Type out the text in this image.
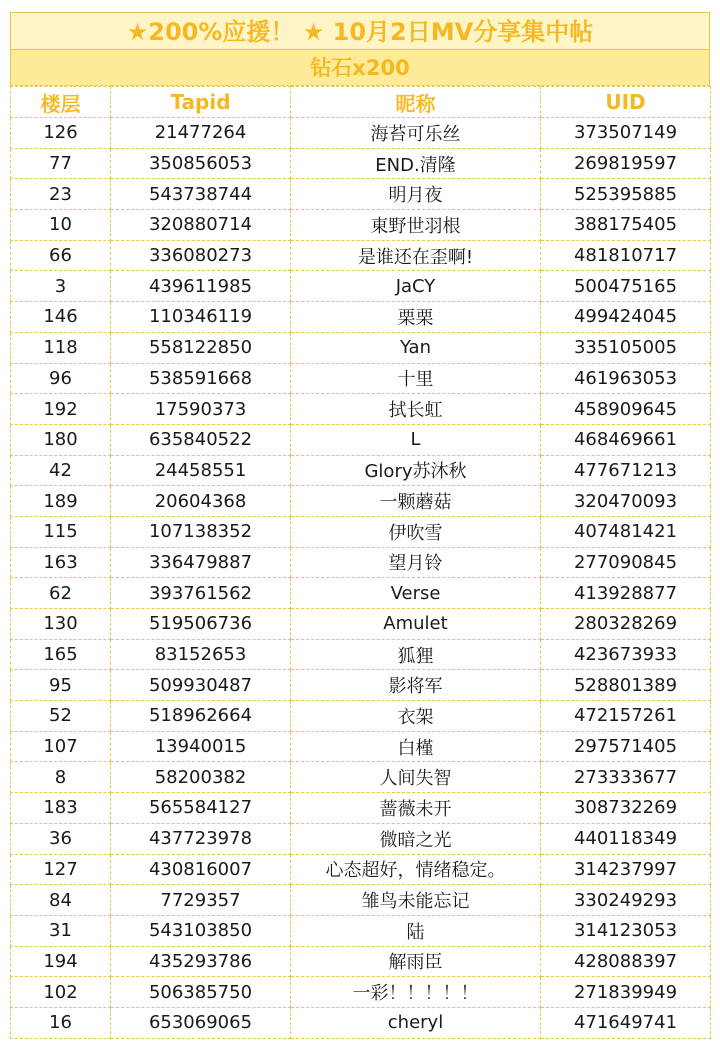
★200%应援！ ★ 10月2日MV分享集中帖
钻石x200
楼层	Tapid	昵称	UID
126	21477264	海苔可乐丝	373507149
77	350856053	END.清隆	269819597
23	543738744	明月夜	525395885
10	320880714	東野世羽根	388175405
66	336080273	是谁还在歪啊!	481810717
3	439611985	JaCY	500475165
146	110346119	栗栗	499424045
118	558122850	Yan	335105005
96	538591668	十里	461963053
192	17590373	拭长虹	458909645
180	635840522	L	468469661
42	24458551	Glory苏沐秋	477671213
189	20604368	一颗蘑菇	320470093
115	107138352	伊吹雪	407481421
163	336479887	望月铃	277090845
62	393761562	Verse	413928877
130	519506736	Amulet	280328269
165	83152653	狐狸	423673933
95	509930487	影将军	528801389
52	518962664	衣架	472157261
107	13940015	白槿	297571405
8	58200382	人间失智	273333677
183	565584127	蔷薇未开	308732269
36	437723978	微暗之光	440118349
127	430816007	心态超好，情绪稳定。	314237997
84	7729357	雏鸟未能忘记	330249293
31	543103850	陆	314123053
194	435293786	解雨臣	428088397
102	506385750	一彩！！！！！	271839949
16	653069065	cheryl	471649741
